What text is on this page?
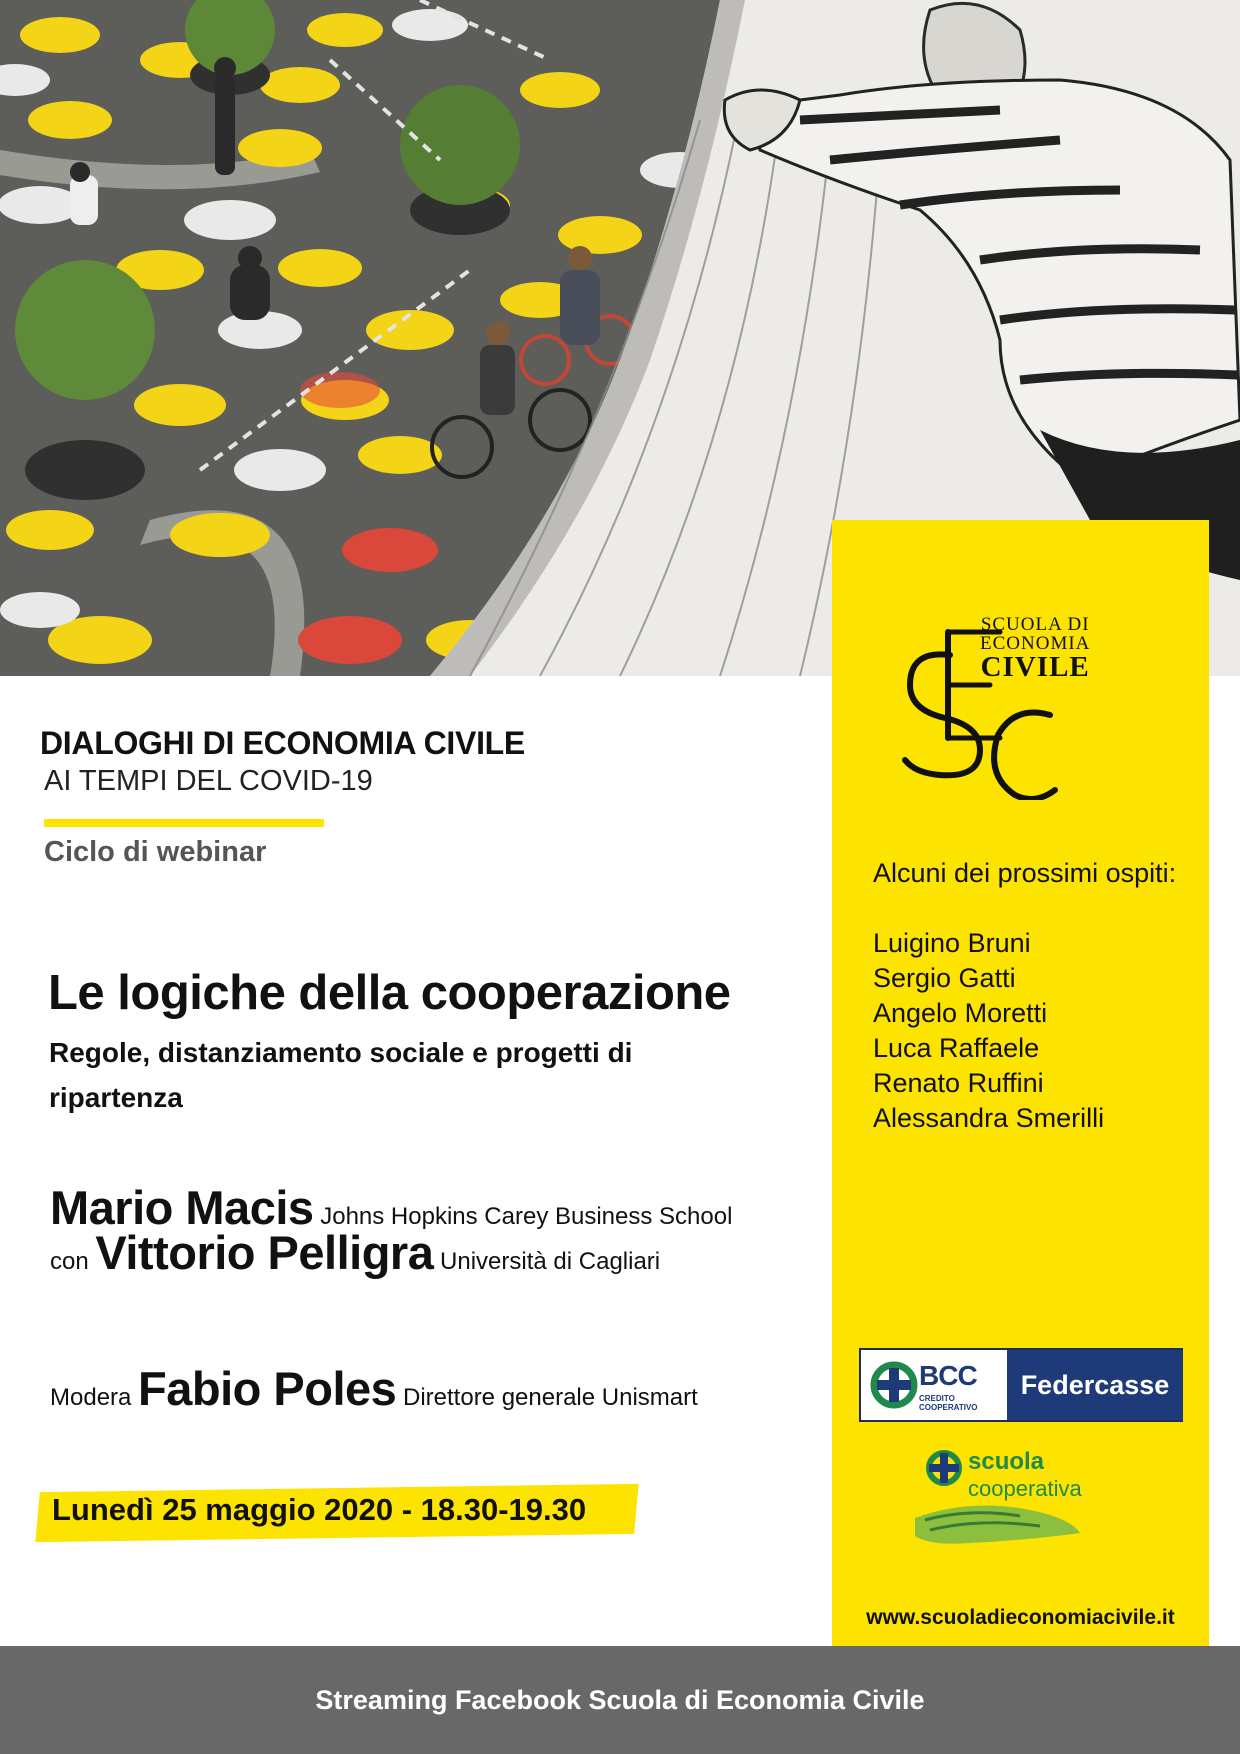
DIALOGHI DI ECONOMIA CIVILE
AI TEMPI DEL COVID-19
Ciclo di webinar
Le logiche della cooperazione
Regole, distanziamento sociale e progetti di ripartenza
Mario Macis Johns Hopkins Carey Business School
con Vittorio Pelligra Università di Cagliari
Modera Fabio Poles Direttore generale Unismart
Lunedì 25 maggio 2020 - 18.30-19.30
SCUOLA DI
ECONOMIA
CIVILE
Alcuni dei prossimi ospiti:
Luigino Bruni
Sergio Gatti
Angelo Moretti
Luca Raffaele
Renato Ruffini
Alessandra Smerilli
BCC
CREDITO COOPERATIVO
Federcasse
scuola
cooperativa
www.scuoladieconomiacivile.it
Streaming Facebook Scuola di Economia Civile
